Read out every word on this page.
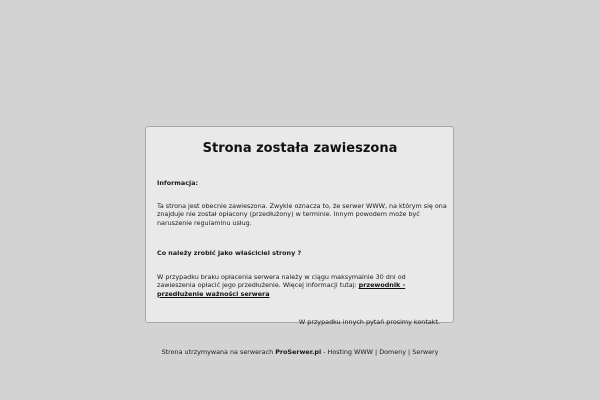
Strona została zawieszona
Informacja:
Ta strona jest obecnie zawieszona. Zwykle oznacza to, że serwer WWW, na którym się ona znajduje nie został opłacony (przedłużony) w terminie. Innym powodem może być naruszenie regulaminu usług.
Co należy zrobić jako właściciel strony ?
W przypadku braku opłacenia serwera należy w ciągu maksymalnie 30 dni od zawieszenia opłacić jego przedłużenie. Więcej informacji tutaj: przewodnik - przedłużenie ważności serwera
W przypadku innych pytań prosimy kontakt.
Strona utrzymywana na serwerach ProSerwer.pl - Hosting WWW | Domeny | Serwery
